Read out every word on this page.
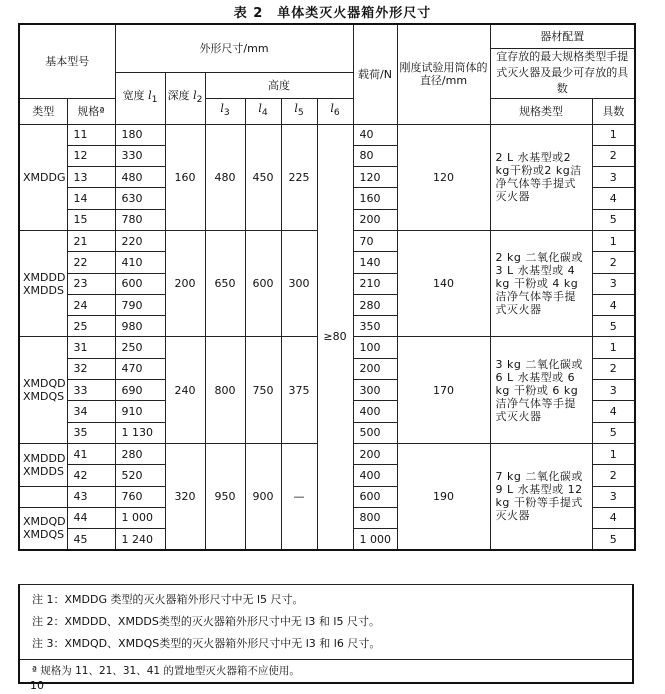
表 2　单体类灭火器箱外形尺寸
基本型号		外形尺寸/mm						载荷/N	刚度试验用筒体的直径/mm	器材配置	
										宜存放的最大规格类型手提式灭火器及最少可存放的具数	
		宽度 $l_1$	深度 $l_2$	高度							
类型	规格ª			$l_3$	$l_4$	$l_5$	$l_6$			规格类型	具数
XMDDG	11	180	160	480	450	225	≥80	40	120	2 L 水基型或2 kg干粉或2 kg洁净气体等手提式灭火器	1
	12	330						80			2
	13	480						120			3
	14	630						160			4
	15	780						200			5
XMDDD XMDDS	21	220	200	650	600	300		70	140	2 kg 二氧化碳或 3 L 水基型或 4 kg 干粉或 4 kg 洁净气体等手提式灭火器	1
	22	410						140			2
	23	600						210			3
	24	790						280			4
	25	980						350			5
XMDQD XMDQS	31	250	240	800	750	375		100	170	3 kg 二氧化碳或 6 L 水基型或 6 kg 干粉或 6 kg 洁净气体等手提式灭火器	1
	32	470						200			2
	33	690						300			3
	34	910						400			4
	35	1 130						500			5
XMDDD XMDDS	41	280	320	950	900	—		200	190	7 kg 二氧化碳或 9 L 水基型或 12 kg 干粉等手提式灭火器	1
	42	520						400			2
	43	760						600			3
XMDQD XMDQS	44	1 000						800			4
	45	1 240						1 000			5
注 1：XMDDG 类型的灭火器箱外形尺寸中无 l5 尺寸。
注 2：XMDDD、XMDDS类型的灭火器箱外形尺寸中无 l3 和 l5 尺寸。
注 3：XMDQD、XMDQS类型的灭火器箱外形尺寸中无 l3 和 l6 尺寸。
ª 规格为 11、21、31、41 的置地型灭火器箱不应使用。
10
